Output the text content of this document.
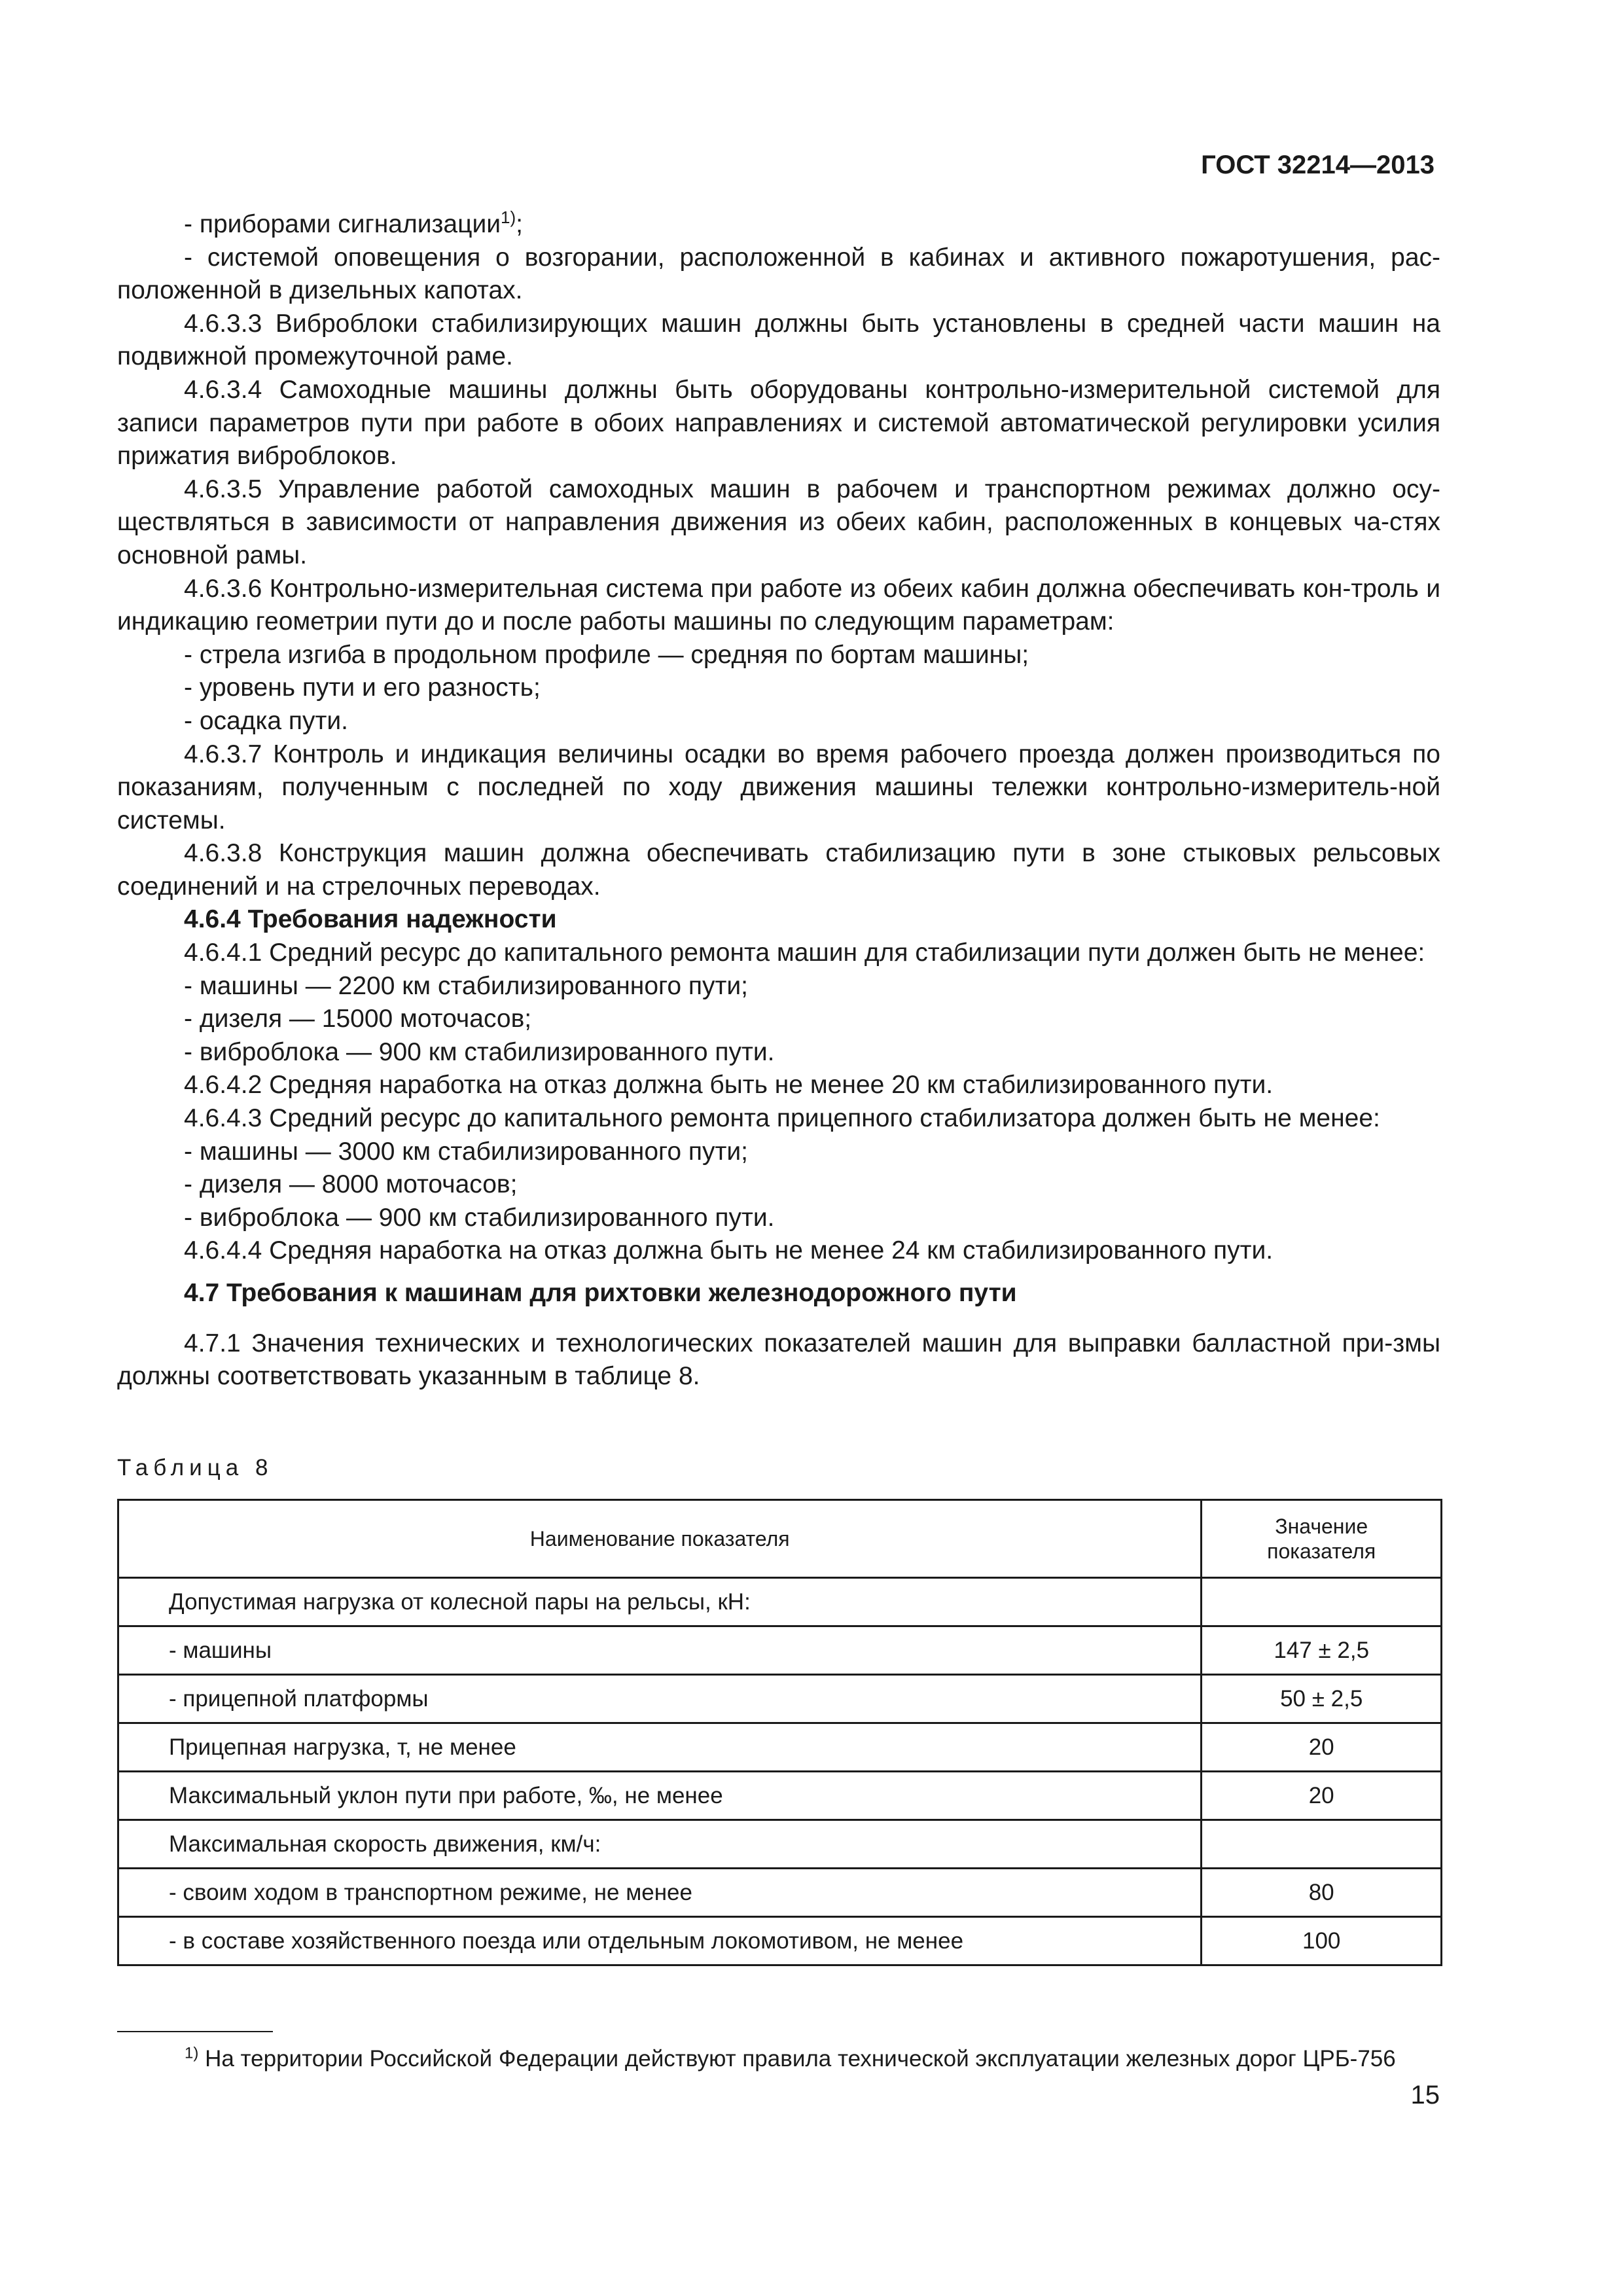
ГОСТ 32214—2013

- приборами сигнализации$^{1)}$;

- системой оповещения о возгорании, расположенной в кабинах и активного пожаротушения, рас-положенной в дизельных капотах.

4.6.3.3 Виброблоки стабилизирующих машин должны быть установлены в средней части машин на подвижной промежуточной раме.

4.6.3.4 Самоходные машины должны быть оборудованы контрольно-измерительной системой для записи параметров пути при работе в обоих направлениях и системой автоматической регулировки усилия прижатия виброблоков.

4.6.3.5 Управление работой самоходных машин в рабочем и транспортном режимах должно осу-ществляться в зависимости от направления движения из обеих кабин, расположенных в концевых ча-стях основной рамы.

4.6.3.6 Контрольно-измерительная система при работе из обеих кабин должна обеспечивать кон-троль и индикацию геометрии пути до и после работы машины по следующим параметрам:

- стрела изгиба в продольном профиле — средняя по бортам машины;

- уровень пути и его разность;

- осадка пути.

4.6.3.7 Контроль и индикация величины осадки во время рабочего проезда должен производиться по показаниям, полученным с последней по ходу движения машины тележки контрольно-измеритель-ной системы.

4.6.3.8 Конструкция машин должна обеспечивать стабилизацию пути в зоне стыковых рельсовых соединений и на стрелочных переводах.

4.6.4 Требования надежности

4.6.4.1 Средний ресурс до капитального ремонта машин для стабилизации пути должен быть не менее:

- машины — 2200 км стабилизированного пути;

- дизеля — 15000 моточасов;

- виброблока — 900 км стабилизированного пути.

4.6.4.2 Средняя наработка на отказ должна быть не менее 20 км стабилизированного пути.

4.6.4.3 Средний ресурс до капитального ремонта прицепного стабилизатора должен быть не менее:

- машины — 3000 км стабилизированного пути;

- дизеля — 8000 моточасов;

- виброблока — 900 км стабилизированного пути.

4.6.4.4 Средняя наработка на отказ должна быть не менее 24 км стабилизированного пути.

4.7 Требования к машинам для рихтовки железнодорожного пути

4.7.1 Значения технических и технологических показателей машин для выправки балластной при-змы должны соответствовать указанным в таблице 8.

Таблица 8
Наименование показателя	Значение
показателя
Допустимая нагрузка от колесной пары на рельсы, кН:	
- машины	147 ± 2,5
- прицепной платформы	50 ± 2,5
Прицепная нагрузка, т, не менее	20
Максимальный уклон пути при работе, ‰, не менее	20
Максимальная скорость движения, км/ч:	
- своим ходом в транспортном режиме, не менее	80
- в составе хозяйственного поезда или отдельным локомотивом, не менее	100
$^{1)}$ На территории Российской Федерации действуют правила технической эксплуатации железных дорог ЦРБ-756
15
